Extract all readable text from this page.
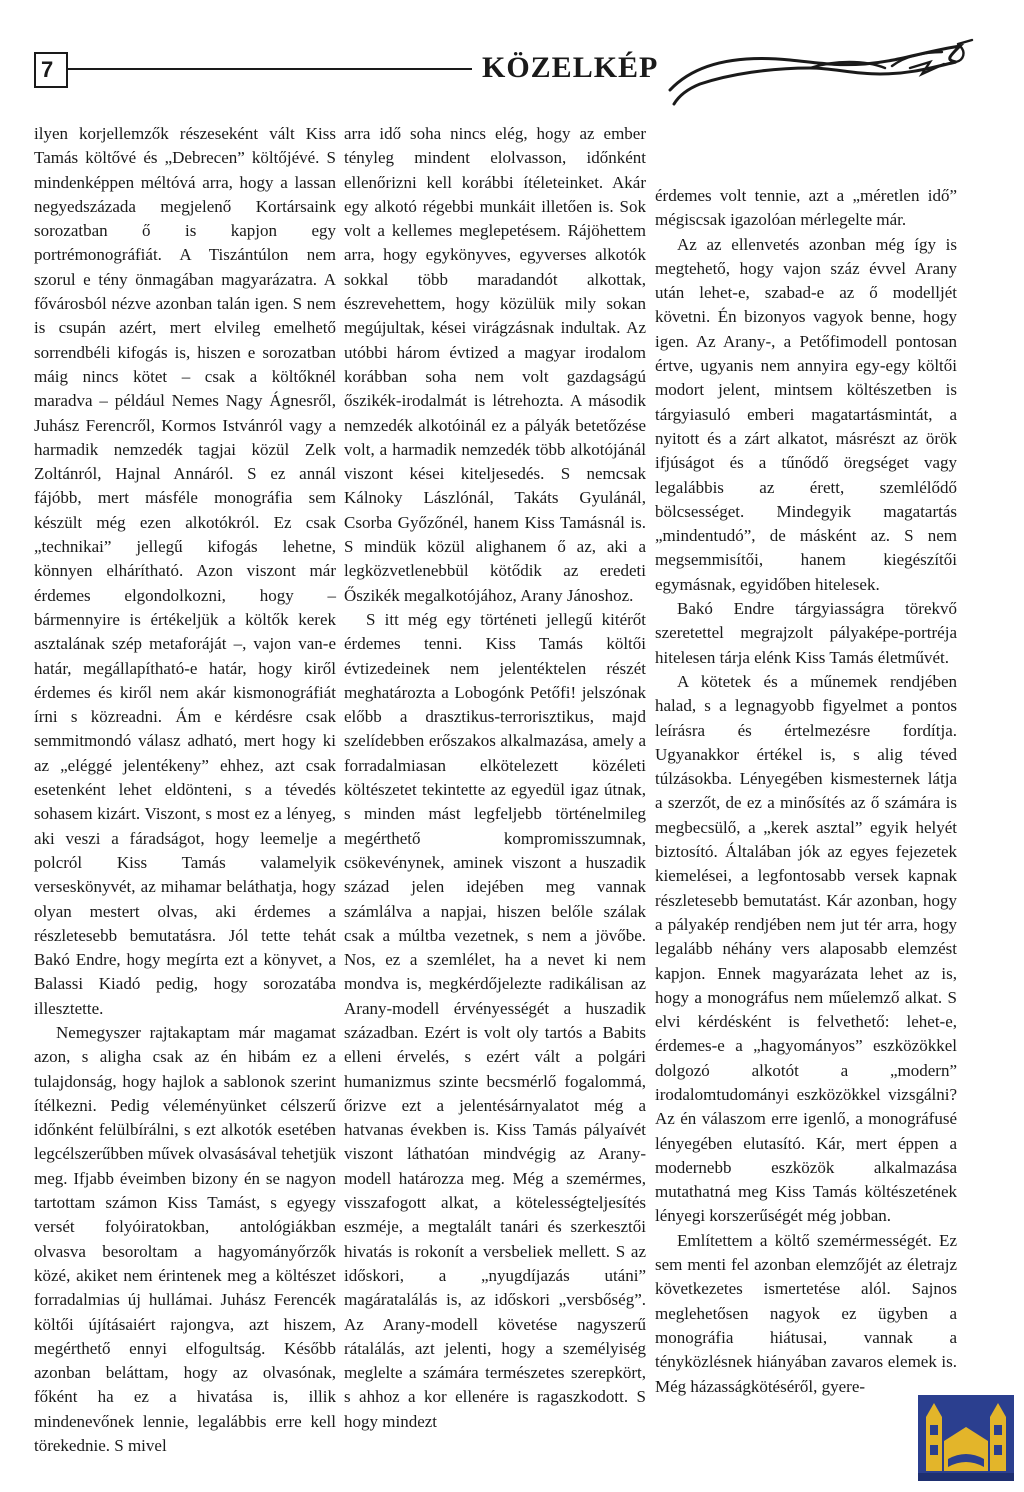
7	KÖZELKÉP

ilyen korjellemzők részeseként vált Kiss Tamás költővé és „Debrecen” költőjévé. S mindenképpen méltóvá arra, hogy a lassan negyedszázada megjelenő Kortársaink sorozatban ő is kapjon egy portrémonográfiát. A Tiszántúlon nem szorul e tény önmagában magyarázatra. A fővárosból nézve azonban talán igen. S nem is csupán azért, mert elvileg emelhető sorrendbéli kifogás is, hiszen e sorozatban máig nincs kötet – csak a költőknél maradva – például Nemes Nagy Ágnesről, Juhász Ferencről, Kormos Istvánról vagy a harmadik nemzedék tagjai közül Zelk Zoltánról, Hajnal Annáról. S ez annál fájóbb, mert másféle monográfia sem készült még ezen alkotókról. Ez csak „technikai” jellegű kifogás lehetne, könnyen elhárítható. Azon viszont már érdemes elgondolkozni, hogy – bármennyire is értékeljük a költők kerek asztalának szép metaforáját –, vajon van-e határ, megállapítható-e határ, hogy kiről érdemes és kiről nem akár kismonográfiát írni s közreadni. Ám e kérdésre csak semmitmondó válasz adható, mert hogy ki az „eléggé jelentékeny” ehhez, azt csak esetenként lehet eldönteni, s a tévedés sohasem kizárt. Viszont, s most ez a lényeg, aki veszi a fáradságot, hogy leemelje a polcról Kiss Tamás valamelyik verseskönyvét, az mihamar beláthatja, hogy olyan mestert olvas, aki érdemes a részletesebb bemutatásra. Jól tette tehát Bakó Endre, hogy megírta ezt a könyvet, a Balassi Kiadó pedig, hogy sorozatába illesztette.

Nemegyszer rajtakaptam már magamat azon, s aligha csak az én hibám ez a tulajdonság, hogy hajlok a sablonok szerint ítélkezni. Pedig véleményünket célszerű időnként felülbírálni, s ezt alkotók esetében legcélszerűbben művek olvasásával tehetjük meg. Ifjabb éveimben bizony én se nagyon tartottam számon Kiss Tamást, s egyegy versét folyóiratokban, antológiákban olvasva besoroltam a hagyományőrzők közé, akiket nem érintenek meg a költészet forradalmias új hullámai. Juhász Ferencék költői újításaiért rajongva, azt hiszem, megérthető ennyi elfogultság. Később azonban beláttam, hogy az olvasónak, főként ha ez a hivatása is, illik mindenevőnek lennie, legalábbis erre kell törekednie. S mivel

arra idő soha nincs elég, hogy az ember tényleg mindent elolvasson, időnként ellenőrizni kell korábbi ítéleteinket. Akár egy alkotó régebbi munkáit illetően is. Sok volt a kellemes meglepetésem. Rájöhettem arra, hogy egykönyves, egyverses alkotók sokkal több maradandót alkottak, észrevehettem, hogy közülük mily sokan megújultak, kései virágzásnak indultak. Az utóbbi három évtized a magyar irodalom korábban soha nem volt gazdagságú őszikék-irodalmát is létrehozta. A második nemzedék alkotóinál ez a pályák betetőzése volt, a harmadik nemzedék több alkotójánál viszont kései kiteljesedés. S nemcsak Kálnoky Lászlónál, Takáts Gyulánál, Csorba Győzőnél, hanem Kiss Tamásnál is. S mindük közül alighanem ő az, aki a legközvetlenebbül kötődik az eredeti Őszikék megalkotójához, Arany Jánoshoz.

S itt még egy történeti jellegű kitérőt érdemes tenni. Kiss Tamás költői évtizedeinek nem jelentéktelen részét meghatározta a Lobogónk Petőfi! jelszónak előbb a drasztikus-terrorisztikus, majd szelídebben erőszakos alkalmazása, amely a forradalmiasan elkötelezett közéleti költészetet tekintette az egyedül igaz útnak, s minden mást legfeljebb történelmileg megérthető kompromisszumnak, csökevénynek, aminek viszont a huszadik század jelen idejében meg vannak számlálva a napjai, hiszen belőle szálak csak a múltba vezetnek, s nem a jövőbe. Nos, ez a szemlélet, ha a nevet ki nem mondva is, megkérdőjelezte radikálisan az Arany-modell érvényességét a huszadik században. Ezért is volt oly tartós a Babits elleni érvelés, s ezért vált a polgári humanizmus szinte becsmérlő fogalommá, őrizve ezt a jelentésárnyalatot még a hatvanas években is. Kiss Tamás pályaívét viszont láthatóan mindvégig az Arany-modell határozza meg. Még a szemérmes, visszafogott alkat, a kötelességteljesítés eszméje, a megtalált tanári és szerkesztői hivatás is rokonít a versbeliek mellett. S az időskori, a „nyugdíjazás utáni” magáratalálás is, az időskori „versbőség”. Az Arany-modell követése nagyszerű rátalálás, azt jelenti, hogy a személyiség meglelte a számára természetes szerepkört, s ahhoz a kor ellenére is ragaszkodott. S hogy mindezt

érdemes volt tennie, azt a „méretlen idő” mégiscsak igazolóan mérlegelte már.

Az az ellenvetés azonban még így is megtehető, hogy vajon száz évvel Arany után lehet-e, szabad-e az ő modelljét követni. Én bizonyos vagyok benne, hogy igen. Az Arany-, a Petőfimodell pontosan értve, ugyanis nem annyira egy-egy költői modort jelent, mintsem költészetben is tárgyiasuló emberi magatartásmintát, a nyitott és a zárt alkatot, másrészt az örök ifjúságot és a tűnődő öregséget vagy legalábbis az érett, szemlélődő bölcsességet. Mindegyik magatartás „mindentudó”, de másként az. S nem megsemmisítői, hanem kiegészítői egymásnak, egyidőben hitelesek.

Bakó Endre tárgyiasságra törekvő szeretettel megrajzolt pályaképe-portréja hitelesen tárja elénk Kiss Tamás életművét.

A kötetek és a műnemek rendjében halad, s a legnagyobb figyelmet a pontos leírásra és értelmezésre fordítja. Ugyanakkor értékel is, s alig téved túlzásokba. Lényegében kismesternek látja a szerzőt, de ez a minősítés az ő számára is megbecsülő, a „kerek asztal” egyik helyét biztosító. Általában jók az egyes fejezetek kiemelései, a legfontosabb versek kapnak részletesebb bemutatást. Kár azonban, hogy a pályakép rendjében nem jut tér arra, hogy legalább néhány vers alaposabb elemzést kapjon. Ennek magyarázata lehet az is, hogy a monográfus nem műelemző alkat. S elvi kérdésként is felvethető: lehet-e, érdemes-e a „hagyományos” eszközökkel dolgozó alkotót a „modern” irodalomtudományi eszközökkel vizsgálni? Az én válaszom erre igenlő, a monográfusé lényegében elutasító. Kár, mert éppen a modernebb eszközök alkalmazása mutathatná meg Kiss Tamás költészetének lényegi korszerűségét még jobban.

Említettem a költő szemérmességét. Ez sem menti fel azonban elemzőjét az életrajz következetes ismertetése alól. Sajnos meglehetősen nagyok ez ügyben a monográfia hiátusai, vannak a tényközlésnek hiányában zavaros elemek is. Még házasságkötéséről, gyere-
